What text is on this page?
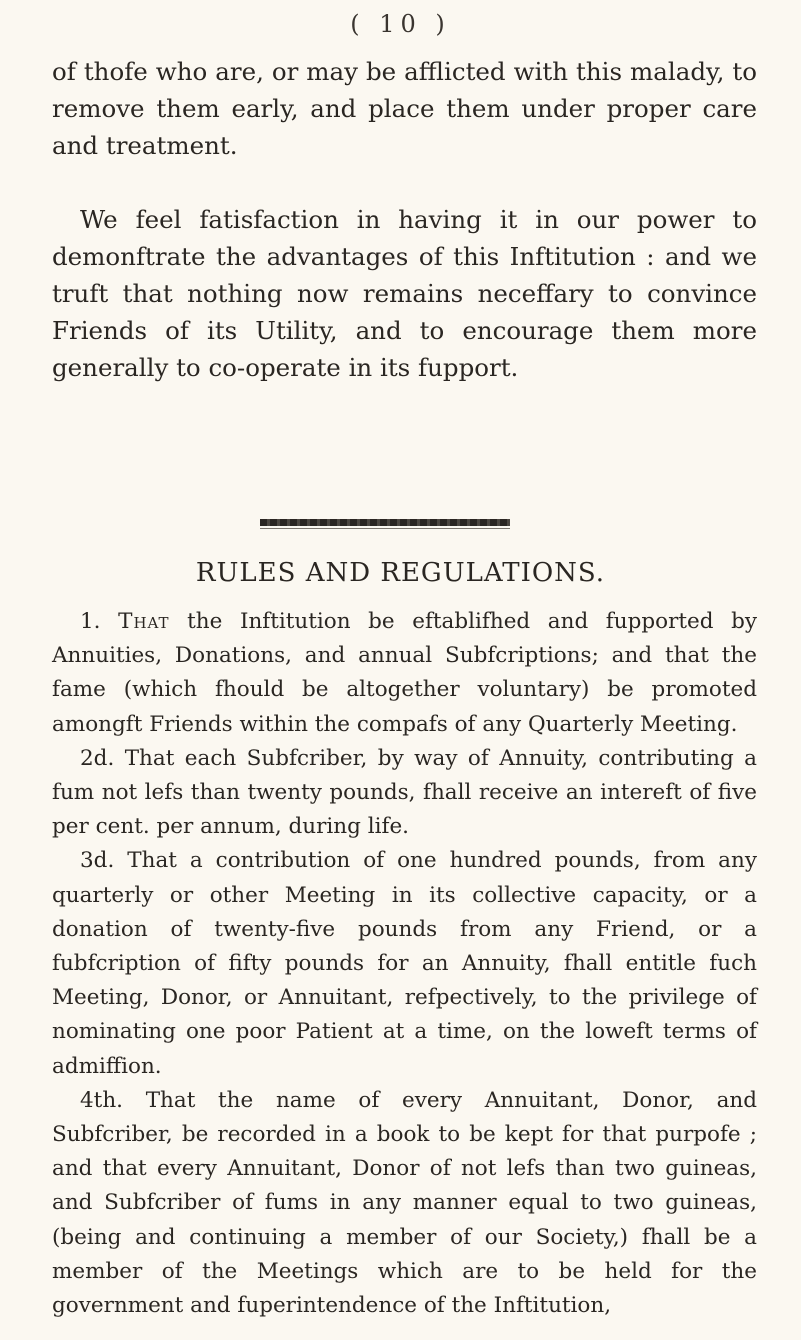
( 10 )

of thofe who are, or may be afflicted with this malady, to remove them early, and place them under proper care and treatment.

We feel fatisfaction in having it in our power to demonftrate the advantages of this Inftitution : and we truft that nothing now remains neceffary to convince Friends of its Utility, and to encourage them more generally to co-operate in its fupport.

RULES AND REGULATIONS.

1. That the Inftitution be eftablifhed and fupported by Annuities, Donations, and annual Subfcriptions; and that the fame (which fhould be altogether voluntary) be promoted amongft Friends within the compafs of any Quarterly Meeting.

2d. That each Subfcriber, by way of Annuity, contributing a fum not lefs than twenty pounds, fhall receive an intereft of five per cent. per annum, during life.

3d. That a contribution of one hundred pounds, from any quarterly or other Meeting in its collective capacity, or a donation of twenty-five pounds from any Friend, or a fubfcription of fifty pounds for an Annuity, fhall entitle fuch Meeting, Donor, or Annuitant, refpectively, to the privilege of nominating one poor Patient at a time, on the loweft terms of admiffion.

4th. That the name of every Annuitant, Donor, and Subfcriber, be recorded in a book to be kept for that purpofe ; and that every Annuitant, Donor of not lefs than two guineas, and Subfcriber of fums in any manner equal to two guineas, (being and continuing a member of our Society,) fhall be a member of the Meetings which are to be held for the government and fuperintendence of the Inftitution,
